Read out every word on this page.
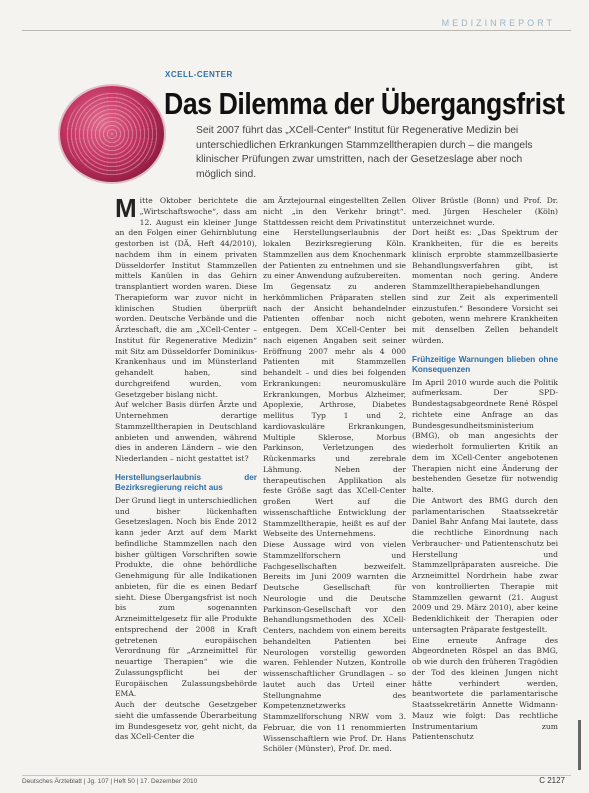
MEDIZINREPORT
XCELL-CENTER
Das Dilemma der Übergangsfrist
Seit 2007 führt das „XCell-Center“ Institut für Regenerative Medizin bei unterschiedlichen Erkrankungen Stammzelltherapien durch – die mangels klinischer Prüfungen zwar umstritten, nach der Gesetzeslage aber noch möglich sind.

Mitte Oktober berichtete die „Wirtschaftswoche“, dass am 12. August ein kleiner Junge an den Folgen einer Gehirnblutung gestorben ist (DÄ, Heft 44/2010), nachdem ihm in einem privaten Düsseldorfer Institut Stammzellen mittels Kanülen in das Gehirn transplantiert worden waren. Diese Therapieform war zuvor nicht in klinischen Studien überprüft worden. Deutsche Verbände und die Ärzteschaft, die am „XCell-Center – Institut für Regenerative Medizin“ mit Sitz am Düsseldorfer Dominikus-Krankenhaus und im Münsterland gehandelt haben, sind durchgreifend wurden, vom Gesetzgeber bislang nicht.

Auf welcher Basis dürfen Ärzte und Unternehmen derartige Stammzelltherapien in Deutschland anbieten und anwenden, während dies in anderen Ländern – wie den Niederlanden – nicht gestattet ist?

Herstellungserlaubnis der Bezirksregierung reicht aus

Der Grund liegt in unterschiedlichen und bisher lückenhaften Gesetzeslagen. Noch bis Ende 2012 kann jeder Arzt auf dem Markt befindliche Stammzellen nach den bisher gültigen Vorschriften sowie Produkte, die ohne behördliche Genehmigung für alle Indikationen anbieten, für die es einen Bedarf sieht. Diese Übergangsfrist ist noch bis zum sogenannten Arzneimittelgesetz für alle Produkte entsprechend der 2008 in Kraft getretenen europäischen Verordnung für „Arzneimittel für neuartige Therapien“ wie die Zulassungspflicht bei der Europäischen Zulassungsbehörde EMA.

Auch der deutsche Gesetzgeber sieht die umfassende Überarbeitung im Bundesgesetz vor, geht nicht, da das XCell-Center die

am Ärztejournal eingestellten Zellen nicht „in den Verkehr bringt“. Stattdessen reicht dem Privatinstitut eine Herstellungserlaubnis der lokalen Bezirksregierung Köln. Stammzellen aus dem Knochenmark der Patienten zu entnehmen und sie zu einer Anwendung aufzubereiten.

Im Gegensatz zu anderen herkömmlichen Präparaten stellen nach der Ansicht behandelnder Patienten offenbar noch nicht entgegen. Dem XCell-Center bei nach eigenen Angaben seit seiner Eröffnung 2007 mehr als 4 000 Patienten mit Stammzellen behandelt – und dies bei folgenden Erkrankungen: neuromuskuläre Erkrankungen, Morbus Alzheimer, Apoplexie, Arthrose, Diabetes mellitus Typ 1 und 2, kardiovaskuläre Erkrankungen, Multiple Sklerose, Morbus Parkinson, Verletzungen des Rückenmarks und zerebrale Lähmung. Neben der therapeutischen Applikation als feste Größe sagt das XCell-Center großen Wert auf die wissenschaftliche Entwicklung der Stammzelltherapie, heißt es auf der Webseite des Unternehmens.

Diese Aussage wird von vielen Stammzellforschern und Fachgesellschaften bezweifelt. Bereits im Juni 2009 warnten die Deutsche Gesellschaft für Neurologie und die Deutsche Parkinson-Gesellschaft vor den Behandlungsmethoden des XCell-Centers, nachdem von einem bereits behandelten Patienten bei Neurologen vorstellig geworden waren. Fehlender Nutzen, Kontrolle wissenschaftlicher Grundlagen – so lautet auch das Urteil einer Stellungnahme des Kompetenznetzwerks Stammzellforschung NRW vom 3. Februar, die von 11 renommierten Wissenschaftlern wie Prof. Dr. Hans Schöler (Münster), Prof. Dr. med.

Oliver Brüstle (Bonn) und Prof. Dr. med. Jürgen Hescheler (Köln) unterzeichnet wurde.

Dort heißt es: „Das Spektrum der Krankheiten, für die es bereits klinisch erprobte stammzellbasierte Behandlungsverfahren gibt, ist momentan noch gering. Andere Stammzelltherapiebehandlungen sind zur Zeit als experimentell einzustufen.“ Besondere Vorsicht sei geboten, wenn mehrere Krankheiten mit denselben Zellen behandelt würden.

Frühzeitige Warnungen blieben ohne Konsequenzen

Im April 2010 wurde auch die Politik aufmerksam. Der SPD-Bundestagsabgeordnete René Röspel richtete eine Anfrage an das Bundesgesundheitsministerium (BMG), ob man angesichts der wiederholt formulierten Kritik an dem im XCell-Center angebotenen Therapien nicht eine Änderung der bestehenden Gesetze für notwendig halte.

Die Antwort des BMG durch den parlamentarischen Staatssekretär Daniel Bahr Anfang Mai lautete, dass die rechtliche Einordnung nach Verbraucher- und Patientenschutz bei Herstellung und Stammzellpräparaten ausreiche. Die Arzneimittel Nordrhein habe zwar von kontrollierten Therapie mit Stammzellen gewarnt (21. August 2009 und 29. März 2010), aber keine Bedenklichkeit der Therapien oder untersagten Präparate festgestellt.

Eine erneute Anfrage des Abgeordneten Röspel an das BMG, ob wie durch den früheren Tragödien der Tod des kleinen Jungen nicht hätte verhindert werden, beantwortete die parlamentarische Staatssekretärin Annette Widmann-Mauz wie folgt: Das rechtliche Instrumentarium zum Patientenschutz

Deutsches Ärzteblatt | Jg. 107 | Heft 50 | 17. Dezember 2010	C 2127
